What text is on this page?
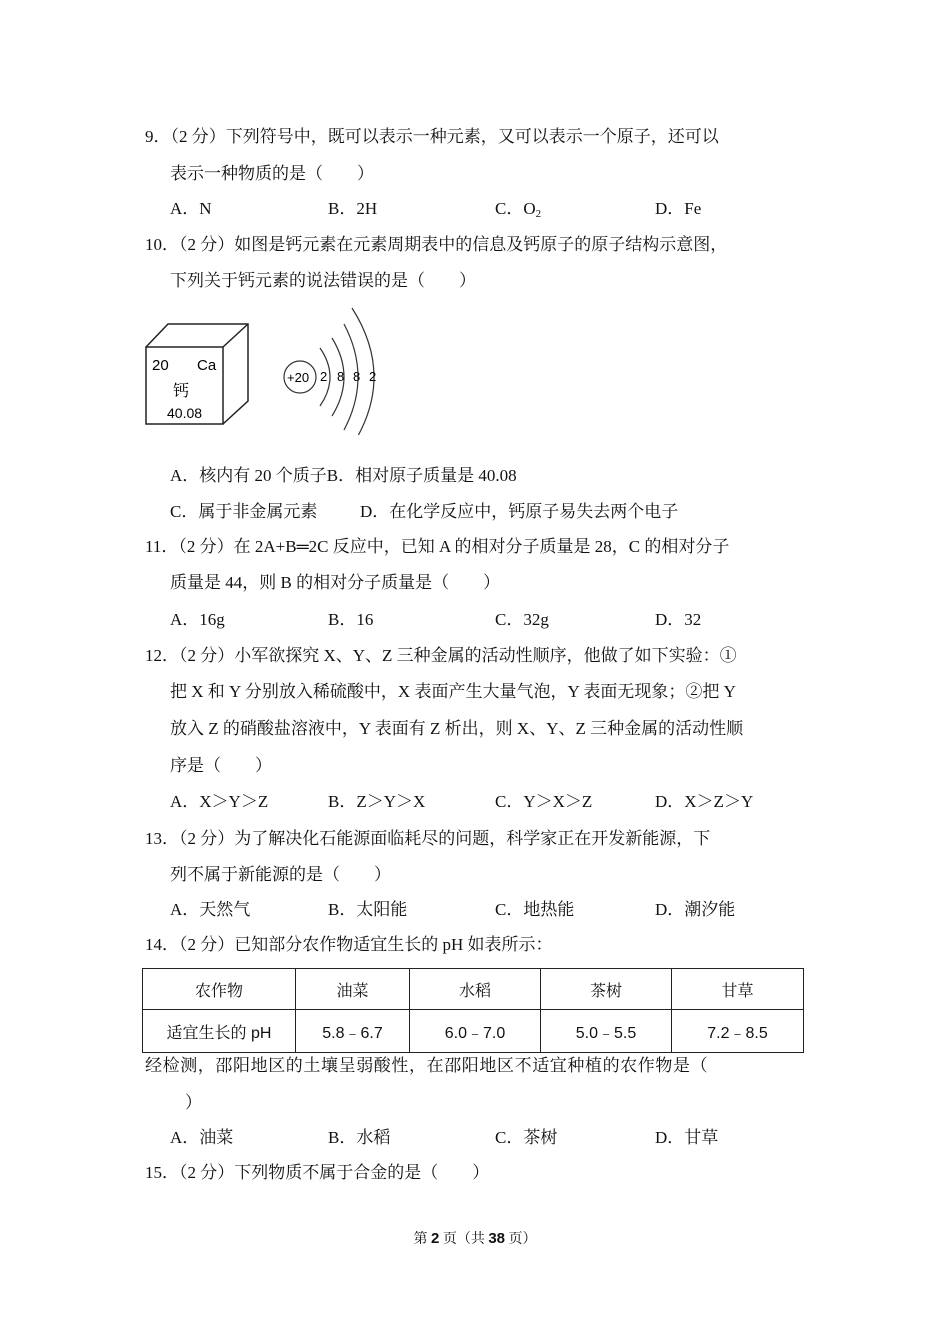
9．（2 分）下列符号中，既可以表示一种元素，又可以表示一个原子，还可以
表示一种物质的是（　　）
A．N	B．2H	C．$O_2$	D．Fe
10．（2 分）如图是钙元素在元素周期表中的信息及钙原子的原子结构示意图，
下列关于钙元素的说法错误的是（　　）
20 Ca
钙
40.08
+20 2 8 8 2
A．核内有 20 个质子B．相对原子质量是 40.08
C．属于非金属元素	D．在化学反应中，钙原子易失去两个电子
11．（2 分）在 2A+B═2C 反应中，已知 A 的相对分子质量是 28，C 的相对分子
质量是 44，则 B 的相对分子质量是（　　）
A．16g	B．16	C．32g	D．32
12．（2 分）小军欲探究 X、Y、Z 三种金属的活动性顺序，他做了如下实验：①
把 X 和 Y 分别放入稀硫酸中，X 表面产生大量气泡，Y 表面无现象；②把 Y
放入 Z 的硝酸盐溶液中，Y 表面有 Z 析出，则 X、Y、Z 三种金属的活动性顺
序是（　　）
A．X＞Y＞Z	B．Z＞Y＞X	C．Y＞X＞Z	D．X＞Z＞Y
13．（2 分）为了解决化石能源面临耗尽的问题，科学家正在开发新能源，下
列不属于新能源的是（　　）
A．天然气	B．太阳能	C．地热能	D．潮汐能
14．（2 分）已知部分农作物适宜生长的 pH 如表所示：
农作物	油菜	水稻	茶树	甘草
适宜生长的 pH	5.8﹣6.7	6.0﹣7.0	5.0﹣5.5	7.2﹣8.5
经检测，邵阳地区的土壤呈弱酸性，在邵阳地区不适宜种植的农作物是（
）
A．油菜	B．水稻	C．茶树	D．甘草
15．（2 分）下列物质不属于合金的是（　　）
第 2 页（共 38 页）
